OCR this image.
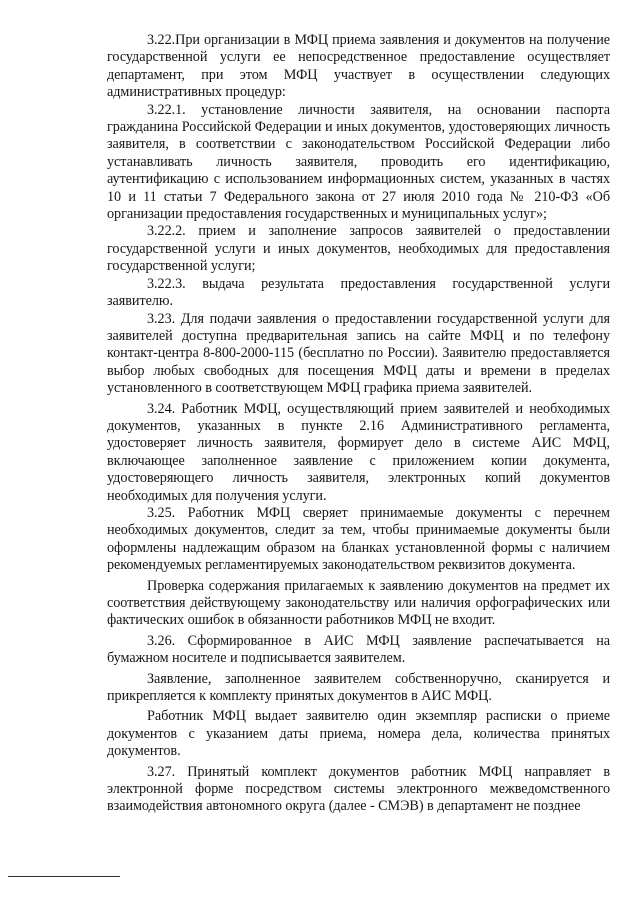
3.22.При организации в МФЦ приема заявления и документов на получение государственной услуги ее непосредственное предоставление осуществляет департамент, при этом МФЦ участвует в осуществлении следующих административных процедур:

3.22.1. установление личности заявителя, на основании паспорта гражданина Российской Федерации и иных документов, удостоверяющих личность заявителя, в соответствии с законодательством Российской Федерации либо устанавливать личность заявителя, проводить его идентификацию, аутентификацию с использованием информационных систем, указанных в частях 10 и 11 статьи 7 Федерального закона от 27 июля 2010 года № 210-ФЗ «Об организации предоставления государственных и муниципальных услуг»;

3.22.2. прием и заполнение запросов заявителей о предоставлении государственной услуги и иных документов, необходимых для предоставления государственной услуги;

3.22.3. выдача результата предоставления государственной услуги заявителю.

3.23. Для подачи заявления о предоставлении государственной услуги для заявителей доступна предварительная запись на сайте МФЦ и по телефону контакт-центра 8-800-2000-115 (бесплатно по России). Заявителю предоставляется выбор любых свободных для посещения МФЦ даты и времени в пределах установленного в соответствующем МФЦ графика приема заявителей.

3.24. Работник МФЦ, осуществляющий прием заявителей и необходимых документов, указанных в пункте 2.16 Административного регламента, удостоверяет личность заявителя, формирует дело в системе АИС МФЦ, включающее заполненное заявление с приложением копии документа, удостоверяющего личность заявителя, электронных копий документов необходимых для получения услуги.

3.25. Работник МФЦ сверяет принимаемые документы с перечнем необходимых документов, следит за тем, чтобы принимаемые документы были оформлены надлежащим образом на бланках установленной формы с наличием рекомендуемых регламентируемых законодательством реквизитов документа.

Проверка содержания прилагаемых к заявлению документов на предмет их соответствия действующему законодательству или наличия орфографических или фактических ошибок в обязанности работников МФЦ не входит.

3.26. Сформированное в АИС МФЦ заявление распечатывается на бумажном носителе и подписывается заявителем.

Заявление, заполненное заявителем собственноручно, сканируется и прикрепляется к комплекту принятых документов в АИС МФЦ.

Работник МФЦ выдает заявителю один экземпляр расписки о приеме документов с указанием даты приема, номера дела, количества принятых документов.

3.27. Принятый комплект документов работник МФЦ направляет в электронной форме посредством системы электронного межведомственного взаимодействия автономного округа (далее - СМЭВ) в департамент не позднее
